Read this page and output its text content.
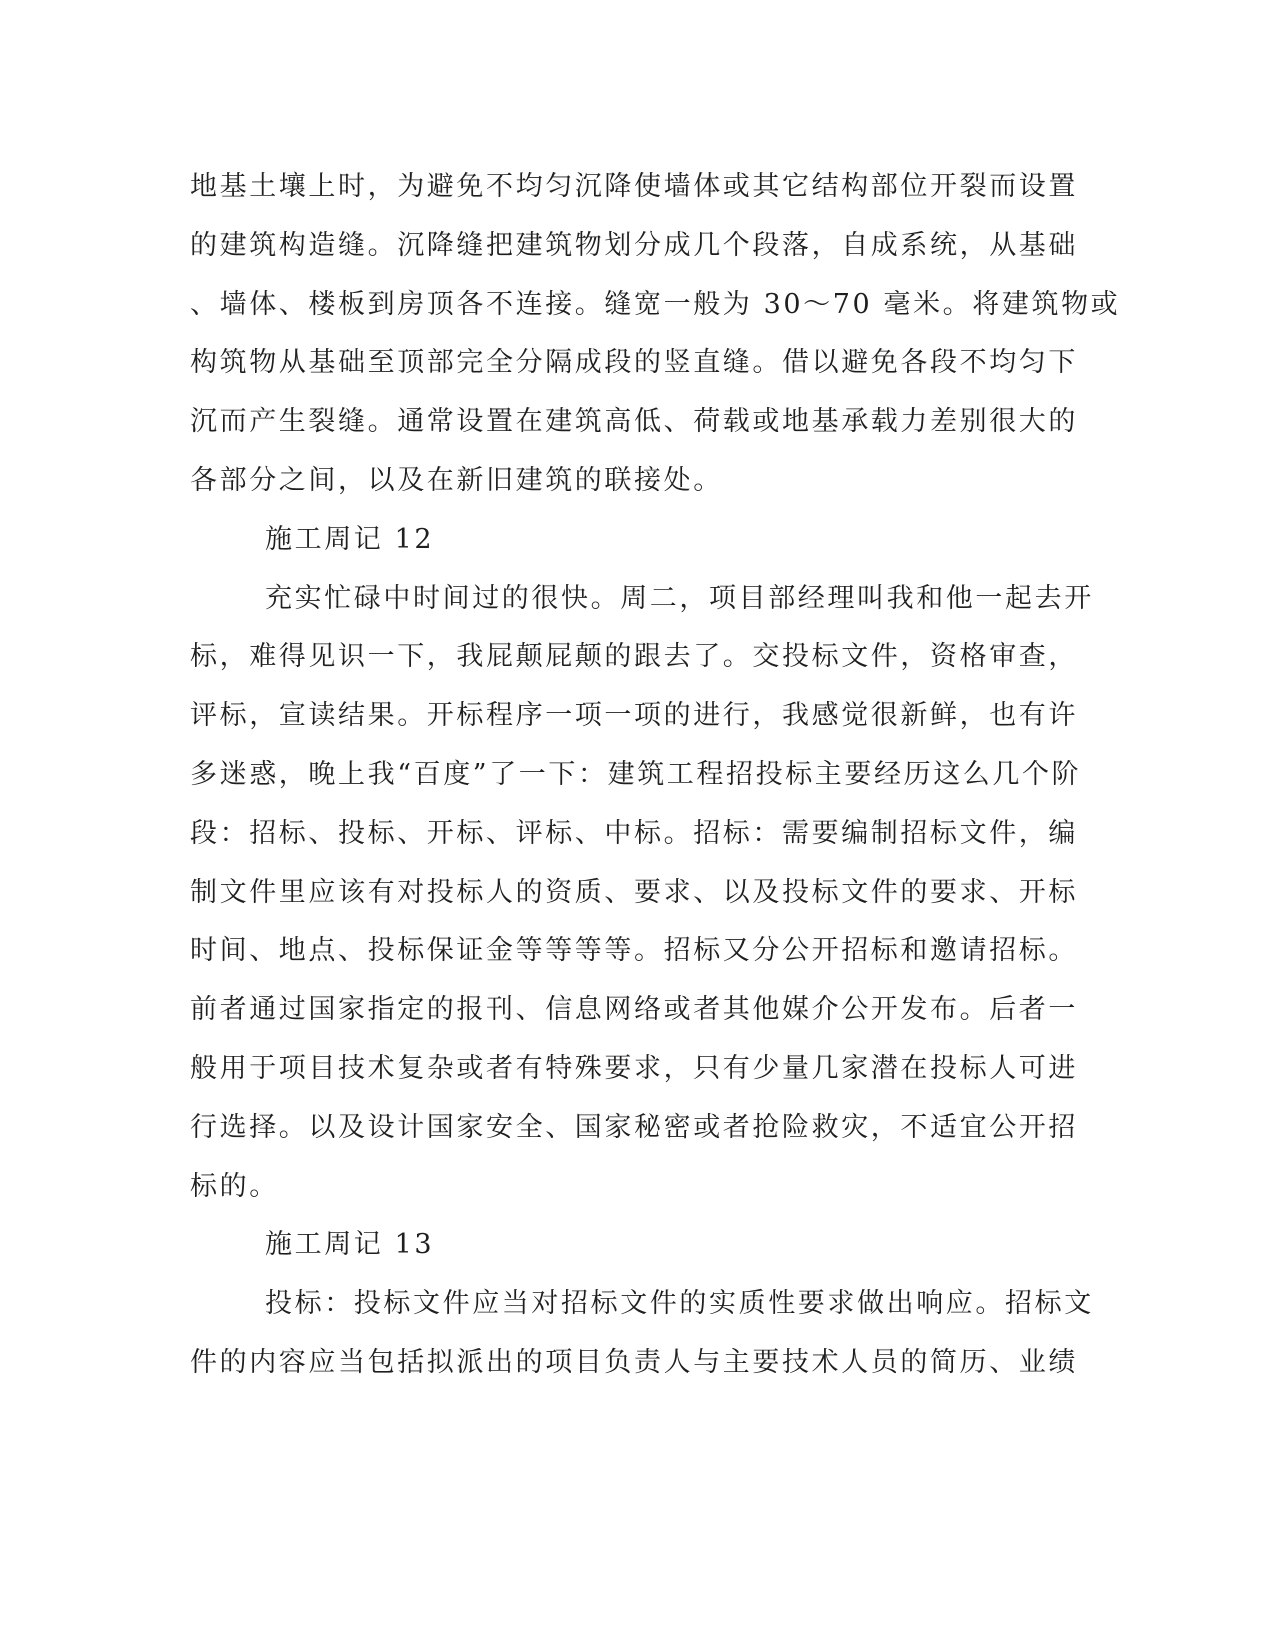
地基土壤上时，为避免不均匀沉降使墙体或其它结构部位开裂而设置
的建筑构造缝。沉降缝把建筑物划分成几个段落，自成系统，从基础
、墙体、楼板到房顶各不连接。缝宽一般为 30～70 毫米。将建筑物或
构筑物从基础至顶部完全分隔成段的竖直缝。借以避免各段不均匀下
沉而产生裂缝。通常设置在建筑高低、荷载或地基承载力差别很大的
各部分之间，以及在新旧建筑的联接处。
施工周记 12
充实忙碌中时间过的很快。周二，项目部经理叫我和他一起去开
标，难得见识一下，我屁颠屁颠的跟去了。交投标文件，资格审查，
评标，宣读结果。开标程序一项一项的进行，我感觉很新鲜，也有许
多迷惑，晚上我“百度”了一下：建筑工程招投标主要经历这么几个阶
段：招标、投标、开标、评标、中标。招标：需要编制招标文件，编
制文件里应该有对投标人的资质、要求、以及投标文件的要求、开标
时间、地点、投标保证金等等等等。招标又分公开招标和邀请招标。
前者通过国家指定的报刊、信息网络或者其他媒介公开发布。后者一
般用于项目技术复杂或者有特殊要求，只有少量几家潜在投标人可进
行选择。以及设计国家安全、国家秘密或者抢险救灾，不适宜公开招
标的。
施工周记 13
投标：投标文件应当对招标文件的实质性要求做出响应。招标文
件的内容应当包括拟派出的项目负责人与主要技术人员的简历、业绩
